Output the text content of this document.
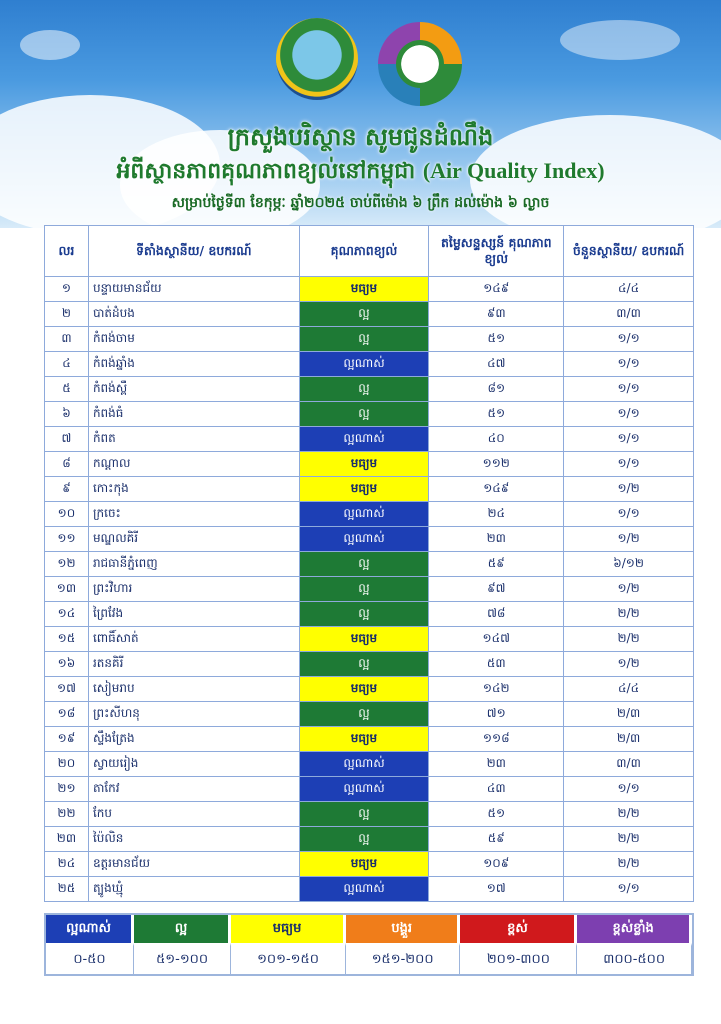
ក្រសួងបរិស្ថាន សូមជូនដំណឹង
អំពីស្ថានភាពគុណភាពខ្យល់នៅកម្ពុជា (Air Quality Index)
សម្រាប់ថ្ងៃទី៣ ខែកុម្ភៈ ឆ្នាំ២០២៥ ចាប់ពីម៉ោង ៦ ព្រឹក ដល់ម៉ោង ៦ ល្ងាច
លរ	ទីតាំងស្ថានីយ/ ឧបករណ៍	គុណភាពខ្យល់	តម្លៃសន្ទស្សន៍ គុណភាពខ្យល់	ចំនួនស្ថានីយ/ ឧបករណ៍
១	បន្ទាយមានជ័យ	មធ្យម	១៤៩	៤/៤
២	បាត់ដំបង	ល្អ	៩៣	៣/៣
៣	កំពង់ចាម	ល្អ	៥១	១/១
៤	កំពង់ឆ្នាំង	ល្អណាស់	៤៧	១/១
៥	កំពង់ស្ពឺ	ល្អ	៨១	១/១
៦	កំពង់ធំ	ល្អ	៥១	១/១
៧	កំពត	ល្អណាស់	៤០	១/១
៨	កណ្តាល	មធ្យម	១១២	១/១
៩	កោះកុង	មធ្យម	១៤៩	១/២
១០	ក្រចេះ	ល្អណាស់	២៤	១/១
១១	មណ្ឌលគិរី	ល្អណាស់	២៣	១/២
១២	រាជធានីភ្នំពេញ	ល្អ	៥៩	៦/១២
១៣	ព្រះវិហារ	ល្អ	៩៧	១/២
១៤	ព្រៃវែង	ល្អ	៧៨	២/២
១៥	ពោធិ៍សាត់	មធ្យម	១៤៧	២/២
១៦	រតនគិរី	ល្អ	៥៣	១/២
១៧	សៀមរាប	មធ្យម	១៤២	៤/៤
១៨	ព្រះសីហនុ	ល្អ	៧១	២/៣
១៩	ស្ទឹងត្រែង	មធ្យម	១១៨	២/៣
២០	ស្វាយរៀង	ល្អណាស់	២៣	៣/៣
២១	តាកែវ	ល្អណាស់	៤៣	១/១
២២	កែប	ល្អ	៥១	២/២
២៣	ប៉ៃលិន	ល្អ	៥៩	២/២
២៤	ឧត្តរមានជ័យ	មធ្យម	១០៩	២/២
២៥	ត្បូងឃ្មុំ	ល្អណាស់	១៧	១/១
ល្អណាស់	ល្អ	មធ្យម	បង្គួរ	ខ្ពស់	ខ្ពស់ខ្លាំង
០-៥០	៥១-១០០	១០១-១៥០	១៥១-២០០	២០១-៣០០	៣០០-៥០០
